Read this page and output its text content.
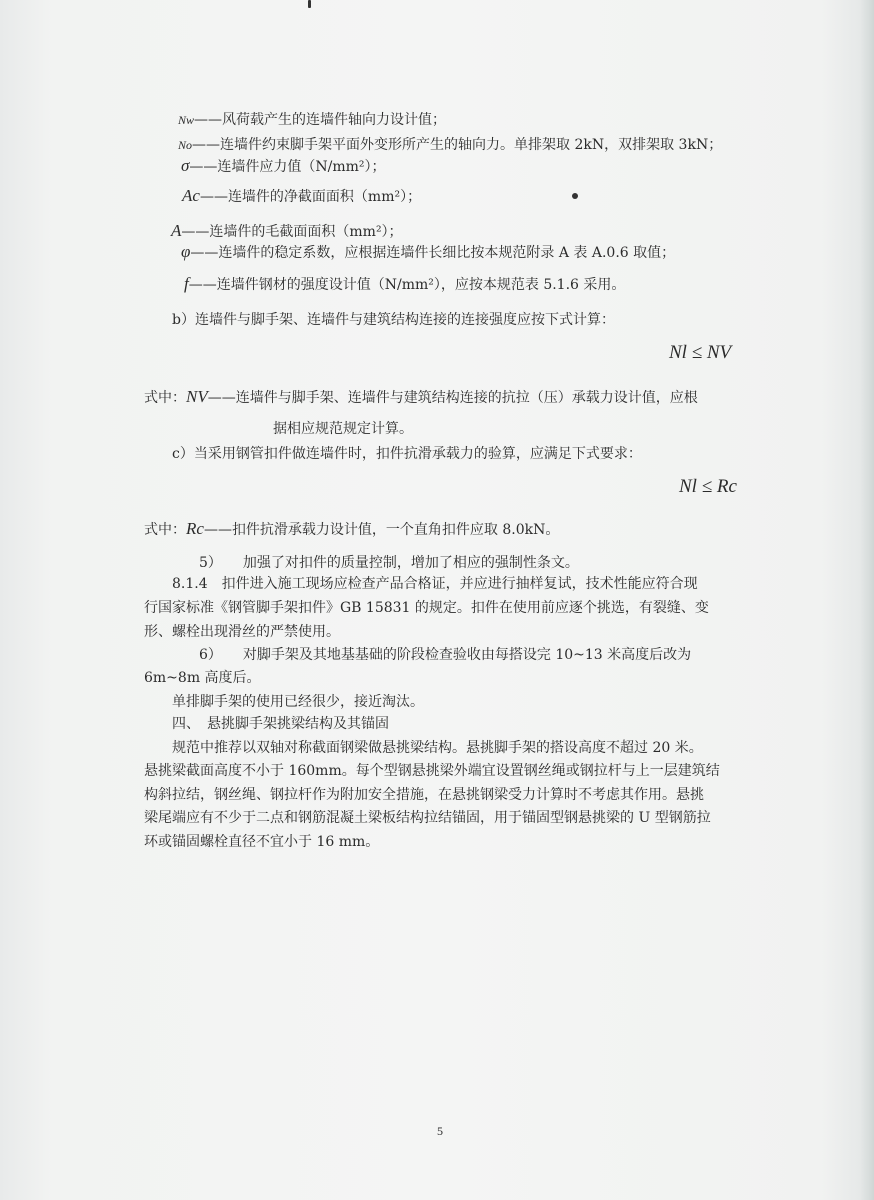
Nw——风荷载产生的连墙件轴向力设计值；
No——连墙件约束脚手架平面外变形所产生的轴向力。单排架取 2kN，双排架取 3kN；
σ——连墙件应力值（N/mm²）；
Ac——连墙件的净截面面积（mm²）；
A——连墙件的毛截面面积（mm²）；
φ——连墙件的稳定系数，应根据连墙件长细比按本规范附录 A 表 A.0.6 取值；
f——连墙件钢材的强度设计值（N/mm²），应按本规范表 5.1.6 采用。
b）连墙件与脚手架、连墙件与建筑结构连接的连接强度应按下式计算：
Nl ≤ NV
式中：NV——连墙件与脚手架、连墙件与建筑结构连接的抗拉（压）承载力设计值，应根
据相应规范规定计算。
c）当采用钢管扣件做连墙件时，扣件抗滑承载力的验算，应满足下式要求：
Nl ≤ Rc
式中：Rc——扣件抗滑承载力设计值，一个直角扣件应取 8.0kN。
5）　　加强了对扣件的质量控制，增加了相应的强制性条文。
8.1.4　扣件进入施工现场应检查产品合格证，并应进行抽样复试，技术性能应符合现
行国家标准《钢管脚手架扣件》GB 15831 的规定。扣件在使用前应逐个挑选，有裂缝、变
形、螺栓出现滑丝的严禁使用。
6）　　对脚手架及其地基基础的阶段检查验收由每搭设完 10~13 米高度后改为
6m~8m 高度后。
单排脚手架的使用已经很少，接近淘汰。
四、　悬挑脚手架挑梁结构及其锚固
规范中推荐以双轴对称截面钢梁做悬挑梁结构。悬挑脚手架的搭设高度不超过 20 米。
悬挑梁截面高度不小于 160mm。每个型钢悬挑梁外端宜设置钢丝绳或钢拉杆与上一层建筑结
构斜拉结，钢丝绳、钢拉杆作为附加安全措施，在悬挑钢梁受力计算时不考虑其作用。悬挑
梁尾端应有不少于二点和钢筋混凝土梁板结构拉结锚固，用于锚固型钢悬挑梁的 U 型钢筋拉
环或锚固螺栓直径不宜小于 16 mm。
5
